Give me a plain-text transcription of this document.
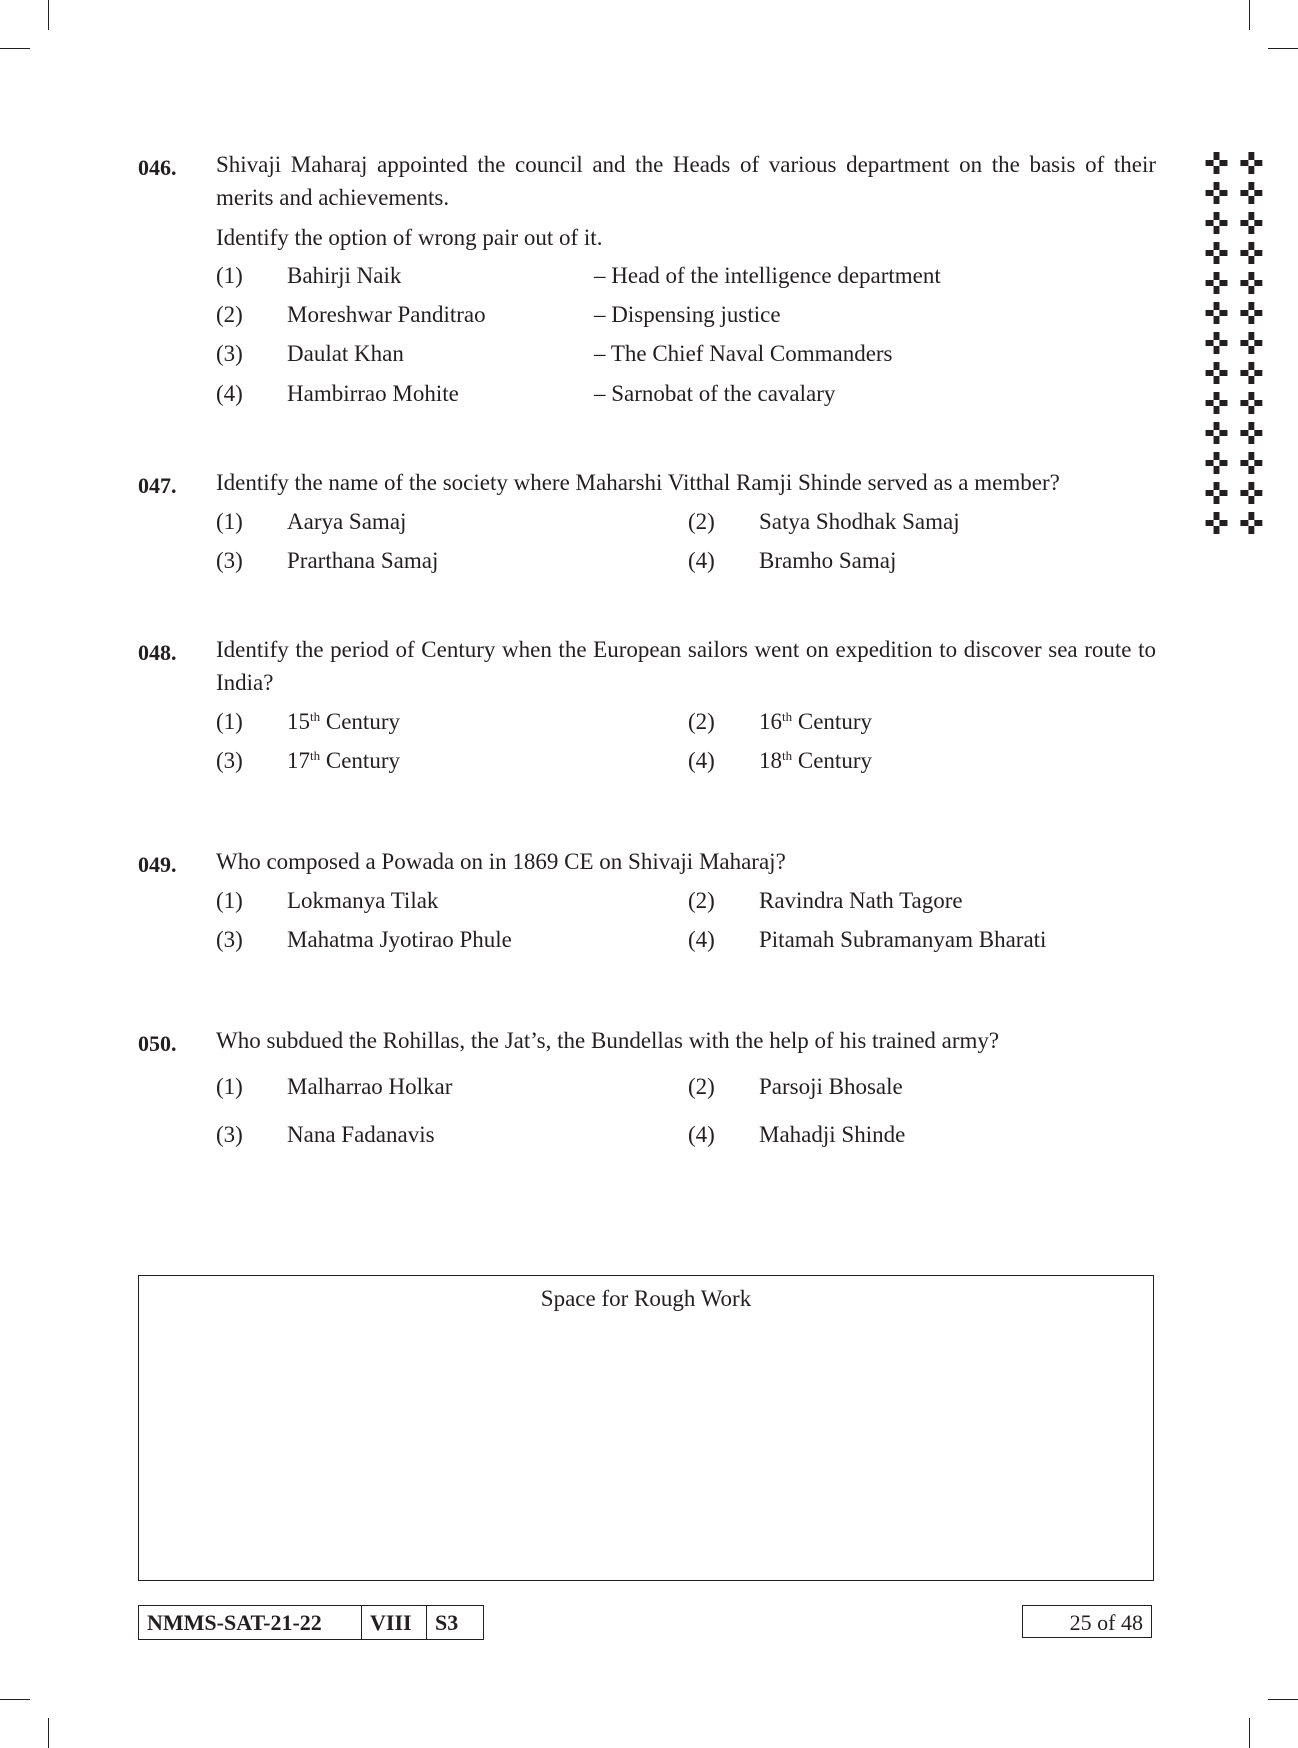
✜ ✜
✜ ✜
✜ ✜
✜ ✜
✜ ✜
✜ ✜
✜ ✜
✜ ✜
✜ ✜
✜ ✜
✜ ✜
✜ ✜
✜ ✜
046. Shivaji Maharaj appointed the council and the Heads of various department on the basis of their merits and achievements.
Identify the option of wrong pair out of it.
(1) Bahirji Naik	– Head of the intelligence department
(2) Moreshwar Panditrao	– Dispensing justice
(3) Daulat Khan	– The Chief Naval Commanders
(4) Hambirrao Mohite	– Sarnobat of the cavalary
047. Identify the name of the society where Maharshi Vitthal Ramji Shinde served as a member?
(1) Aarya Samaj	(2) Satya Shodhak Samaj
(3) Prarthana Samaj	(4) Bramho Samaj
048. Identify the period of Century when the European sailors went on expedition to discover sea route to India?
(1) 15th Century	(2) 16th Century
(3) 17th Century	(4) 18th Century
049. Who composed a Powada on in 1869 CE on Shivaji Maharaj?
(1) Lokmanya Tilak	(2) Ravindra Nath Tagore
(3) Mahatma Jyotirao Phule	(4) Pitamah Subramanyam Bharati
050. Who subdued the Rohillas, the Jat’s, the Bundellas with the help of his trained army?
(1) Malharrao Holkar	(2) Parsoji Bhosale
(3) Nana Fadanavis	(4) Mahadji Shinde
Space for Rough Work
NMMS-SAT-21-22	VIII	S3	25 of 48
